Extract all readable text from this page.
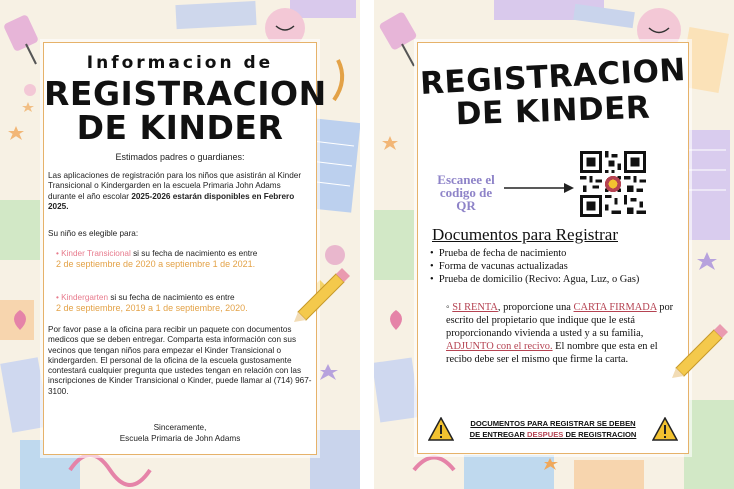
Informacion de
REGISTRACION
DE KINDER
Estimados padres o guardianes:
Las aplicaciones de registración para los niños que asistirán al Kinder Transicional o Kindergarden en la escuela Primaria John Adams durante el año escolar 2025-2026 estarán disponibles en Febrero 2025.
Su niño es elegible para:
• Kinder Transicional si su fecha de nacimiento es entre
2 de septiembre de 2020 a septiembre 1 de 2021.
• Kindergarten si su fecha de nacimiento es entre
2 de septiembre, 2019 a 1 de septiembre, 2020.
Por favor pase a la oficina para recibir un paquete con documentos medicos que se deben entregar. Comparta esta información con sus vecinos que tengan niños para empezar el Kinder Transicional o kindergarden. El personal de la oficina de la escuela gustosamente contestará cualquier pregunta que ustedes tengan en relación con las inscripciones de Kinder Transicional o Kinder, puede llamar al (714) 967-3100.
Sinceramente,
Escuela Primaria de John Adams
REGISTRACION
DE KINDER
Escanee el codigo de QR
Documentos para Registrar
•  Prueba de fecha de nacimiento
•  Forma de vacunas actualizadas
•  Prueba de domicilio (Recivo: Agua, Luz, o Gas)
◦ SI RENTA, proporcione una CARTA FIRMADA por escrito del propietario que indique que le está proporcionando vivienda a usted y a su familia, ADJUNTO con el recivo. El nombre que esta en el recibo debe ser el mismo que firme la carta.
DOCUMENTOS PARA REGISTRAR SE DEBEN
DE ENTREGAR DESPUES DE REGISTRACION
